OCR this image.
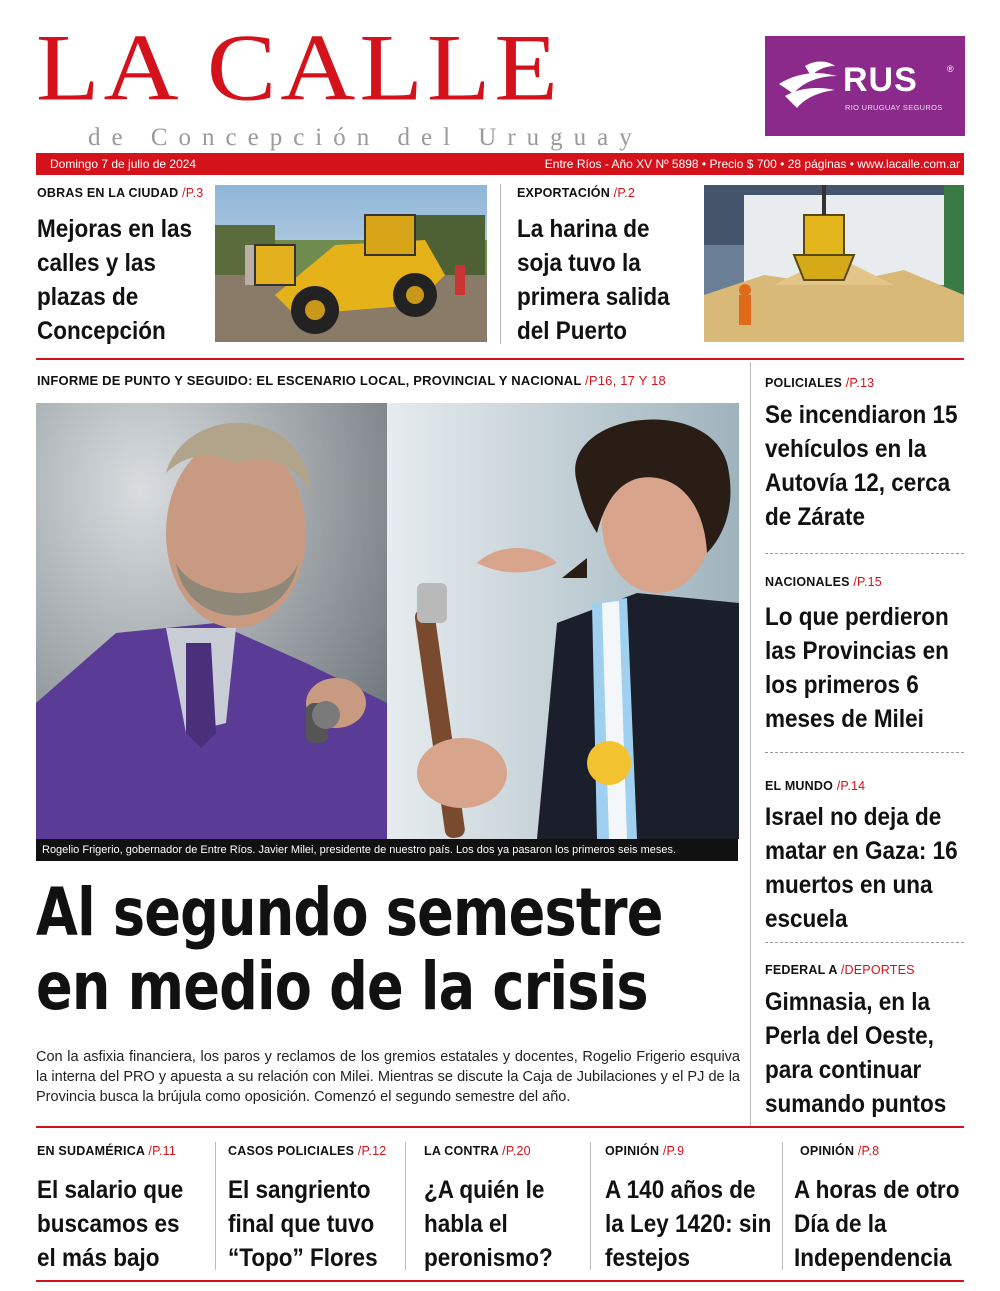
LA CALLE
de Concepción del Uruguay
RUS	®
RIO URUGUAY SEGUROS
Domingo 7 de julio de 2024	Entre Ríos - Año XV Nº 5898 • Precio $ 700 • 28 páginas • www.lacalle.com.ar
OBRAS EN LA CIUDAD /P.3
Mejoras en las calles y las plazas de Concepción
EXPORTACIÓN /P.2
La harina de soja tuvo la primera salida del Puerto
INFORME DE PUNTO Y SEGUIDO: EL ESCENARIO LOCAL, PROVINCIAL Y NACIONAL /P16, 17 Y 18
Rogelio Frigerio, gobernador de Entre Ríos. Javier Milei, presidente de nuestro país. Los dos ya pasaron los primeros seis meses.
Al segundo semestre
en medio de la crisis
Con la asfixia financiera, los paros y reclamos de los gremios estatales y docentes, Rogelio Frigerio esquiva la interna del PRO y apuesta a su relación con Milei. Mientras se discute la Caja de Jubilaciones y el PJ de la Provincia busca la brújula como oposición. Comenzó el segundo semestre del año.
POLICIALES /P.13
Se incendiaron 15 vehículos en la Autovía 12, cerca de Zárate
NACIONALES /P.15
Lo que perdieron las Provincias en los primeros 6 meses de Milei
EL MUNDO /P.14
Israel no deja de matar en Gaza: 16 muertos en una escuela
FEDERAL A /DEPORTES
Gimnasia, en la Perla del Oeste, para continuar sumando puntos
EN SUDAMÉRICA /P.11
El salario que buscamos es el más bajo
CASOS POLICIALES /P.12
El sangriento final que tuvo “Topo” Flores
LA CONTRA /P.20
¿A quién le habla el peronismo?
OPINIÓN /P.9
A 140 años de la Ley 1420: sin festejos
OPINIÓN /P.8
A horas de otro Día de la Independencia
